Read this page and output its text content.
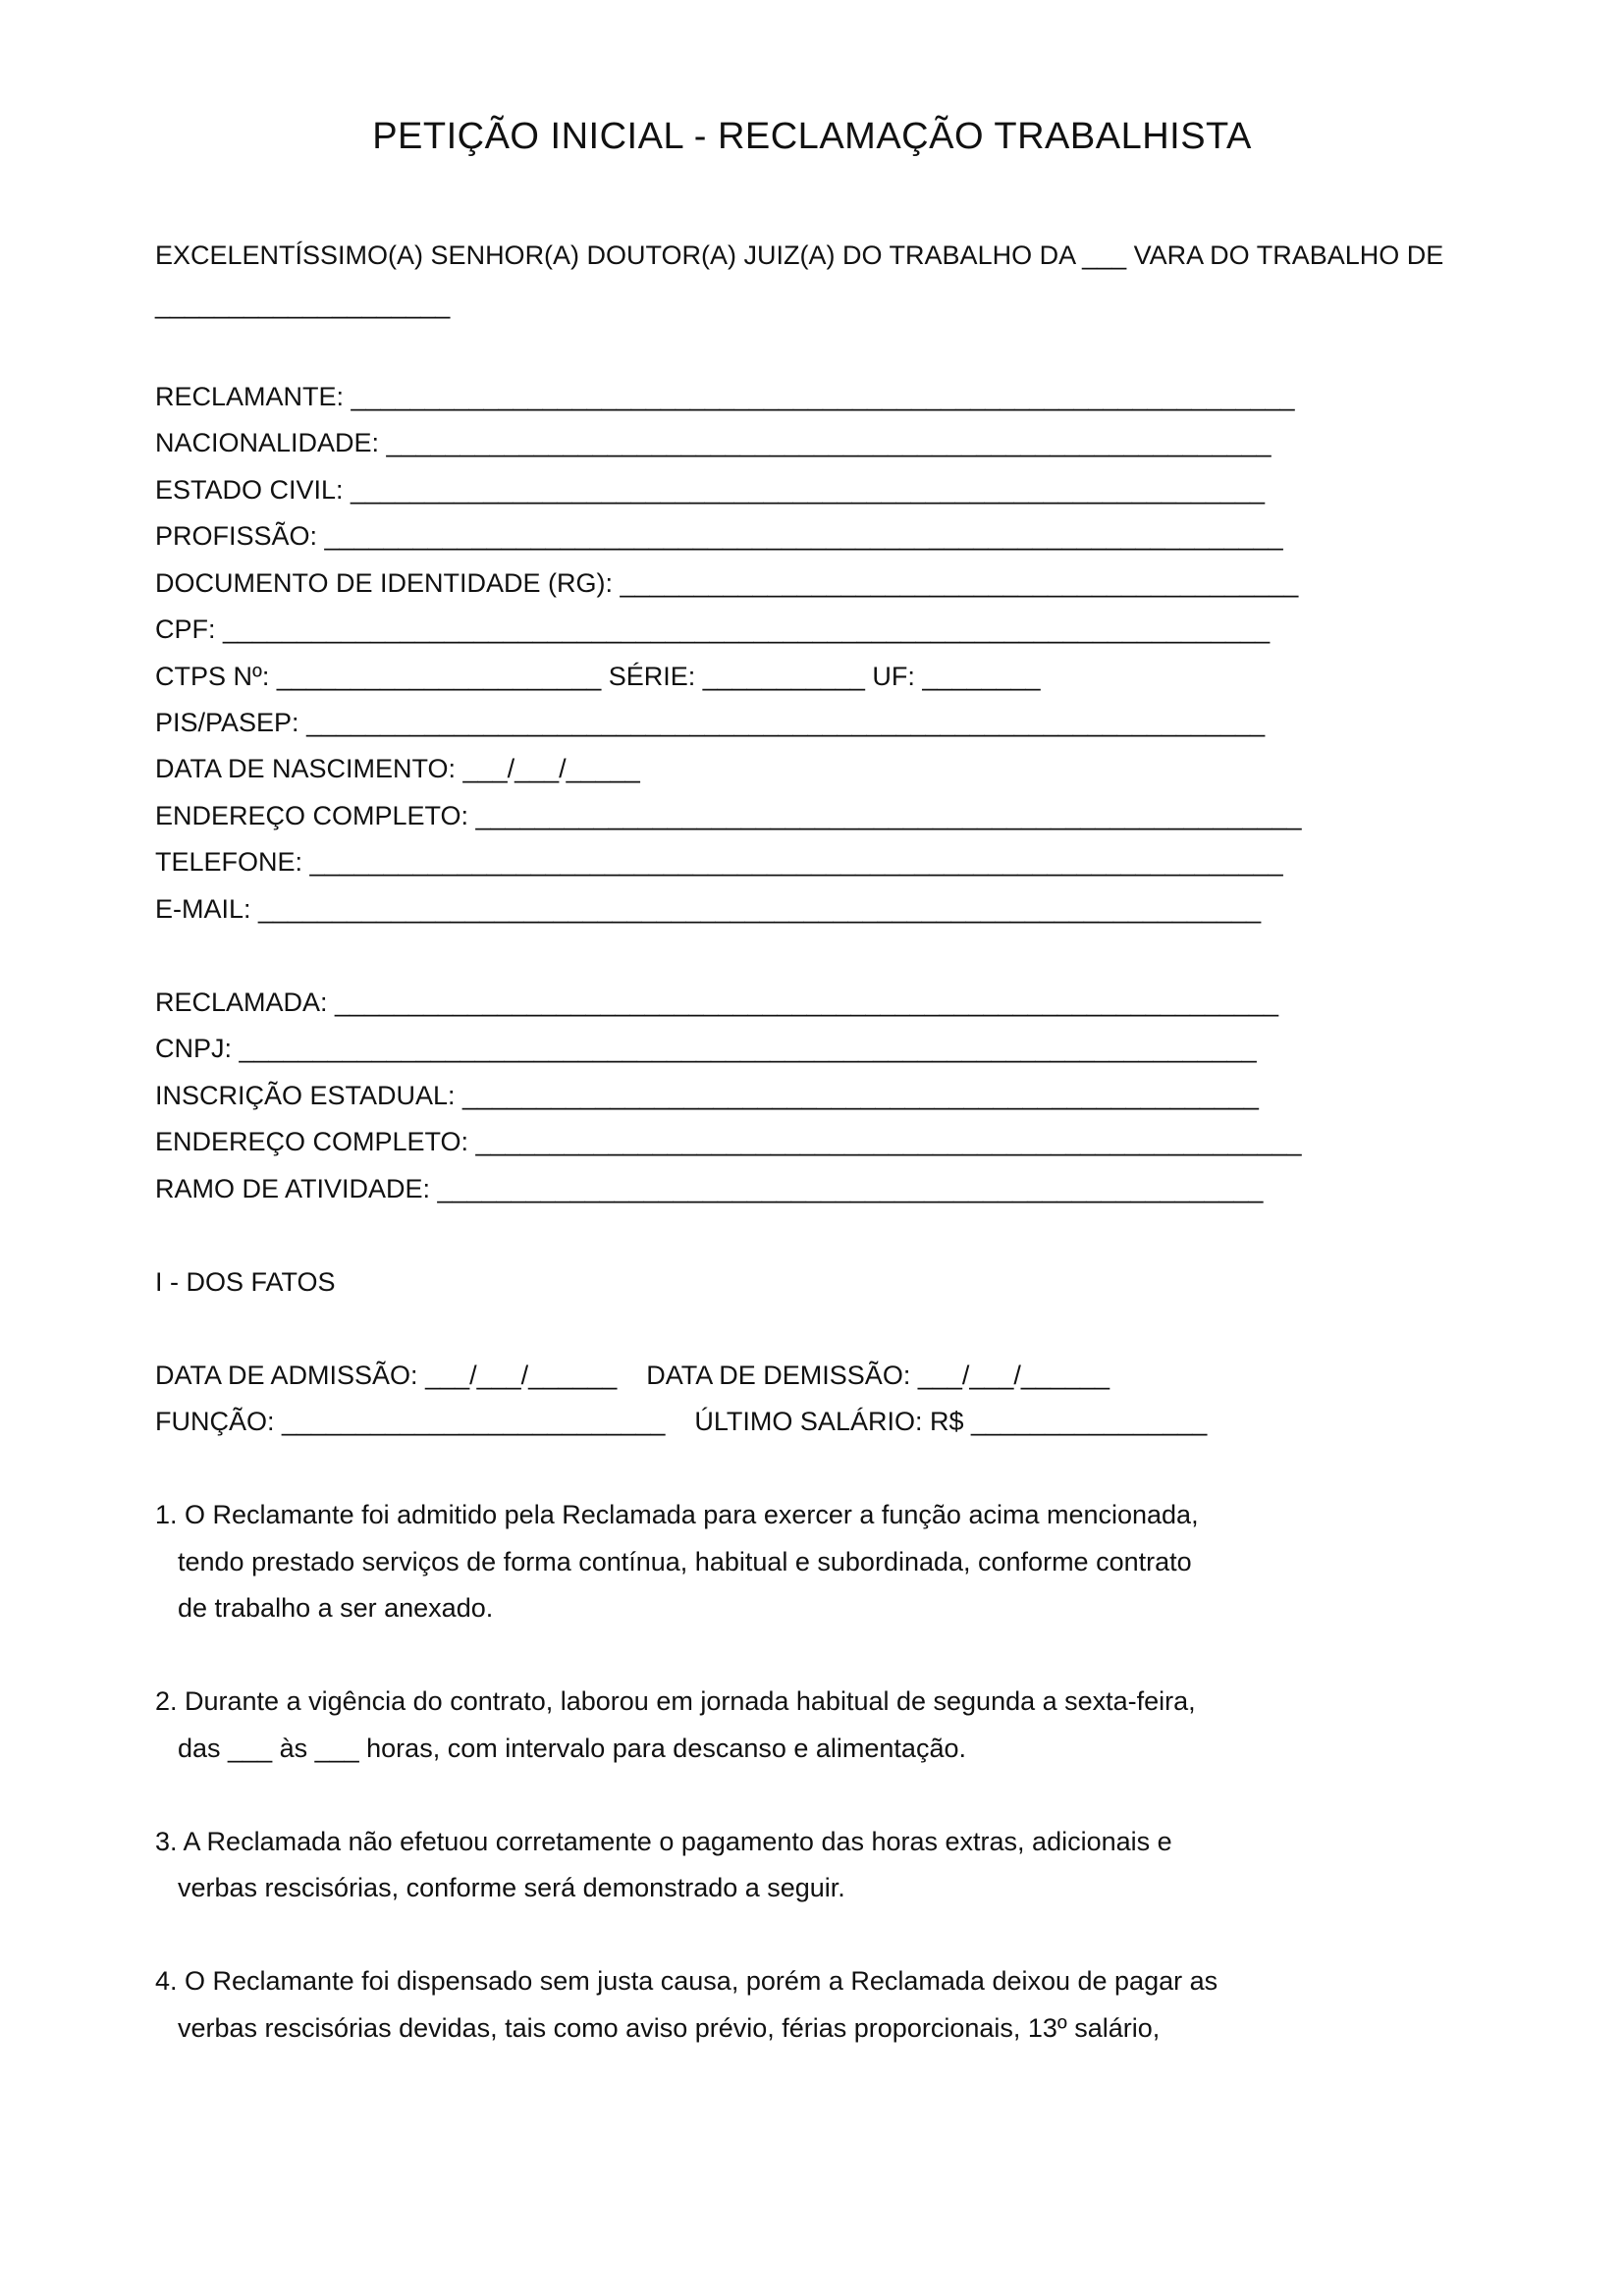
PETIÇÃO INICIAL - RECLAMAÇÃO TRABALHISTA
EXCELENTÍSSIMO(A) SENHOR(A) DOUTOR(A) JUIZ(A) DO TRABALHO DA ___ VARA DO TRABALHO DE
____________________
RECLAMANTE: ________________________________________________________________
NACIONALIDADE: ____________________________________________________________
ESTADO CIVIL: ______________________________________________________________
PROFISSÃO: _________________________________________________________________
DOCUMENTO DE IDENTIDADE (RG): ______________________________________________
CPF: _______________________________________________________________________
CTPS Nº: ______________________ SÉRIE: ___________ UF: ________
PIS/PASEP: _________________________________________________________________
DATA DE NASCIMENTO: ___/___/_____
ENDEREÇO COMPLETO: ________________________________________________________
TELEFONE: __________________________________________________________________
E-MAIL: ____________________________________________________________________
RECLAMADA: ________________________________________________________________
CNPJ: _____________________________________________________________________
INSCRIÇÃO ESTADUAL: ______________________________________________________
ENDEREÇO COMPLETO: ________________________________________________________
RAMO DE ATIVIDADE: ________________________________________________________
I - DOS FATOS
DATA DE ADMISSÃO: ___/___/______    DATA DE DEMISSÃO: ___/___/______
FUNÇÃO: __________________________    ÚLTIMO SALÁRIO: R$ ________________
1. O Reclamante foi admitido pela Reclamada para exercer a função acima mencionada,
tendo prestado serviços de forma contínua, habitual e subordinada, conforme contrato
de trabalho a ser anexado.
2. Durante a vigência do contrato, laborou em jornada habitual de segunda a sexta-feira,
das ___ às ___ horas, com intervalo para descanso e alimentação.
3. A Reclamada não efetuou corretamente o pagamento das horas extras, adicionais e
verbas rescisórias, conforme será demonstrado a seguir.
4. O Reclamante foi dispensado sem justa causa, porém a Reclamada deixou de pagar as
verbas rescisórias devidas, tais como aviso prévio, férias proporcionais, 13º salário,
